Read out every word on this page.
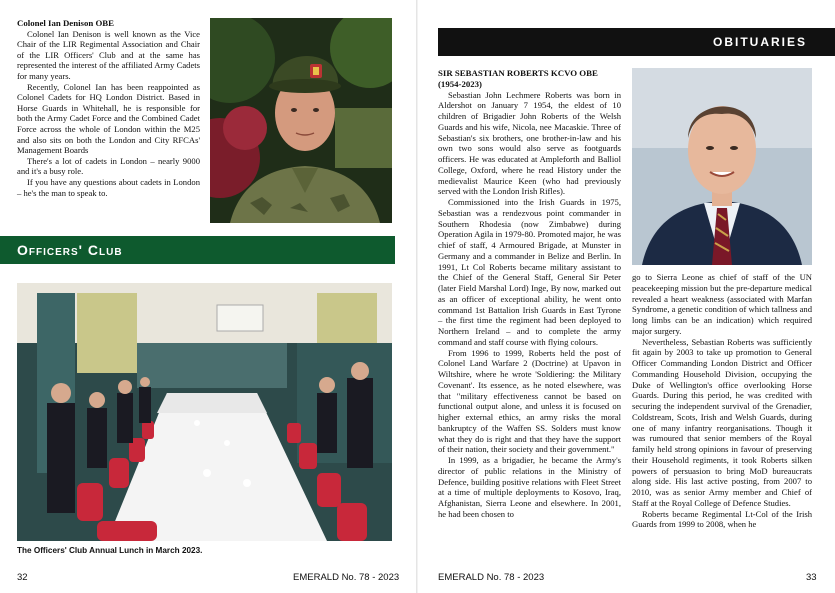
Colonel Ian Denison OBE

Colonel Ian Denison is well known as the Vice Chair of the LIR Regimental Association and Chair of the LIR Officers' Club and at the same has represented the interest of the affiliated Army Cadets for many years.

Recently, Colonel Ian has been reappointed as Colonel Cadets for HQ London District. Based in Horse Guards in Whitehall, he is responsible for both the Army Cadet Force and the Combined Cadet Force across the whole of London within the M25 and also sits on both the London and City RFCAs' Management Boards

There's a lot of cadets in London – nearly 9000 and it's a busy role.

If you have any questions about cadets in London – he's the man to speak to.

Officers' Club
The Officers' Club Annual Lunch in March 2023.
32	EMERALD No. 78 - 2023
OBITUARIES
SIR SEBASTIAN ROBERTS KCVO OBE

(1954-2023)

Sebastian John Lechmere Roberts was born in Aldershot on January 7 1954, the eldest of 10 children of Brigadier John Roberts of the Welsh Guards and his wife, Nicola, nee Macaskie. Three of Sebastian's six brothers, one brother-in-law and his own two sons would also serve as footguards officers. He was educated at Ampleforth and Balliol College, Oxford, where he read History under the medievalist Maurice Keen (who had previously served with the London Irish Rifles).

Commissioned into the Irish Guards in 1975, Sebastian was a rendezvous point commander in Southern Rhodesia (now Zimbabwe) during Operation Agila in 1979-80. Promoted major, he was chief of staff, 4 Armoured Brigade, at Munster in Germany and a commander in Belize and Berlin. In 1991, Lt Col Roberts became military assistant to the Chief of the General Staff, General Sir Peter (later Field Marshal Lord) Inge, By now, marked out as an officer of exceptional ability, he went onto command 1st Battalion Irish Guards in East Tyrone – the first time the regiment had been deployed to Northern Ireland – and to complete the army command and staff course with flying colours.

From 1996 to 1999, Roberts held the post of Colonel Land Warfare 2 (Doctrine) at Upavon in Wiltshire, where he wrote 'Soldiering: the Military Covenant'. Its essence, as he noted elsewhere, was that "military effectiveness cannot be based on functional output alone, and unless it is focused on higher external ethics, an army risks the moral bankruptcy of the Waffen SS. Solders must know what they do is right and that they have the support of their nation, their society and their government."

In 1999, as a brigadier, he became the Army's director of public relations in the Ministry of Defence, building positive relations with Fleet Street at a time of multiple deployments to Kosovo, Iraq, Afghanistan, Sierra Leone and elsewhere. In 2001, he had been chosen to

go to Sierra Leone as chief of staff of the UN peacekeeping mission but the pre-departure medical revealed a heart weakness (associated with Marfan Syndrome, a genetic condition of which tallness and long limbs can be an indication) which required major surgery.

Nevertheless, Sebastian Roberts was sufficiently fit again by 2003 to take up promotion to General Officer Commanding London District and Officer Commanding Household Division, occupying the Duke of Wellington's office overlooking Horse Guards. During this period, he was credited with securing the independent survival of the Grenadier, Coldstream, Scots, Irish and Welsh Guards, during one of many infantry reorganisations. Though it was rumoured that senior members of the Royal family held strong opinions in favour of preserving their Household regiments, it took Roberts silken powers of persuasion to bring MoD bureaucrats along side. His last active posting, from 2007 to 2010, was as senior Army member and Chief of Staff at the Royal College of Defence Studies.

Roberts became Regimental Lt-Col of the Irish Guards from 1999 to 2008, when he

EMERALD No. 78 - 2023	33
